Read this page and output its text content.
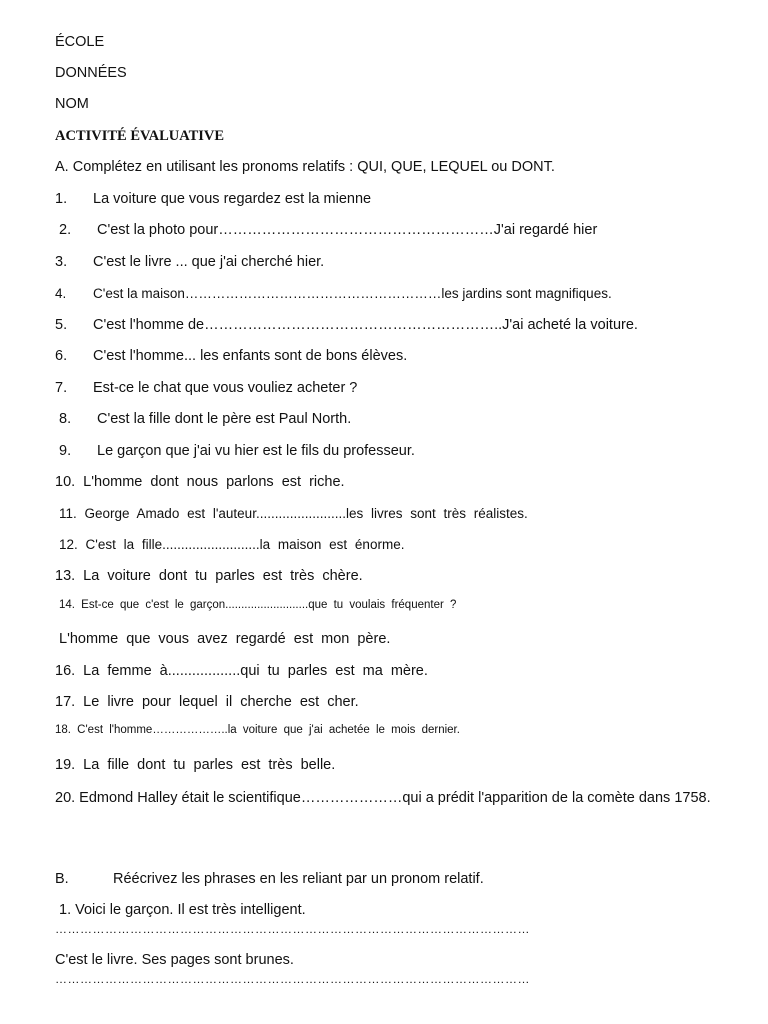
ÉCOLE
DONNÉES
NOM
ACTIVITÉ ÉVALUATIVE
A. Complétez en utilisant les pronoms relatifs : QUI, QUE, LEQUEL ou DONT.
1. La voiture que vous regardez est la mienne
2. C'est la photo pour…………………………………………………J'ai regardé hier
3. C'est le livre ... que j'ai cherché hier.
4. C'est la maison…………………………………………………les jardins sont magnifiques.
5. C'est l'homme de……………………………………………………..J'ai acheté la voiture.
6. C'est l'homme... les enfants sont de bons élèves.
7. Est-ce le chat que vous vouliez acheter ?
8. C'est la fille dont le père est Paul North.
9. Le garçon que j'ai vu hier est le fils du professeur.
10. L'homme dont nous parlons est riche.
11. George Amado est l'auteur........................les livres sont très réalistes.
12. C'est la fille..........................la maison est énorme.
13. La voiture dont tu parles est très chère.
14. Est-ce que c'est le garçon..........................que tu voulais fréquenter ?
L'homme que vous avez regardé est mon père.
16. La femme à..................qui tu parles est ma mère.
17. Le livre pour lequel il cherche est cher.
18. C'est l'homme………………..la voiture que j'ai achetée le mois dernier.
19. La fille dont tu parles est très belle.
20. Edmond Halley était le scientifique…………………qui a prédit l'apparition de la comète dans 1758.
B.	Réécrivez les phrases en les reliant par un pronom relatif.
1. Voici le garçon. Il est très intelligent.
……………………………………………………………………………………………………
C'est le livre. Ses pages sont brunes.
……………………………………………………………………………………………………
